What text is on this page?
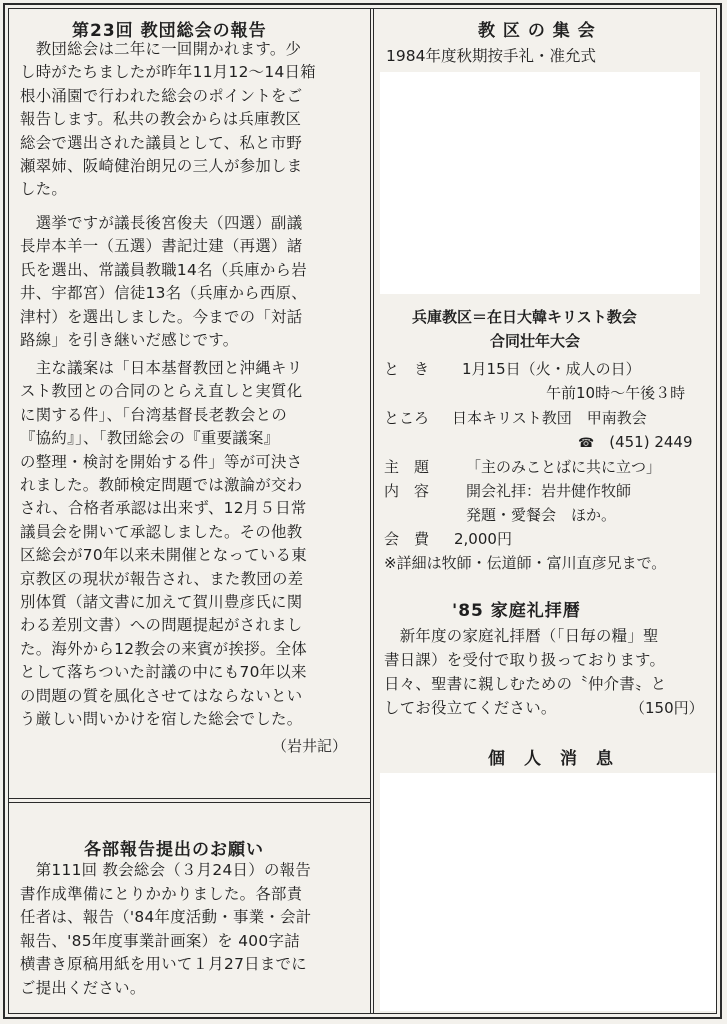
第23回 教団総会の報告
　教団総会は二年に一回開かれます。少
し時がたちましたが昨年11月12〜14日箱
根小涌園で行われた総会のポイントをご
報告します。私共の教会からは兵庫教区
総会で選出された議員として、私と市野
瀬翠姉、阪崎健治朗兄の三人が参加しま
した。
　選挙ですが議長後宮俊夫（四選）副議
長岸本羊一（五選）書記辻建（再選）諸
氏を選出、常議員教職14名（兵庫から岩
井、宇都宮）信徒13名（兵庫から西原、
津村）を選出しました。今までの「対話
路線」を引き継いだ感じです。
　主な議案は「日本基督教団と沖縄キリ
スト教団との合同のとらえ直しと実質化
に関する件」、「台湾基督長老教会との
『協約』」、「教団総会の『重要議案』
の整理・検討を開始する件」等が可決さ
れました。教師検定問題では激論が交わ
され、合格者承認は出来ず、12月５日常
議員会を開いて承認しました。その他教
区総会が70年以来未開催となっている東
京教区の現状が報告され、また教団の差
別体質（諸文書に加えて賀川豊彦氏に関
わる差別文書）への問題提起がされまし
た。海外から12教会の来賓が挨拶。全体
として落ちついた討議の中にも70年以来
の問題の質を風化させてはならないとい
う厳しい問いかけを宿した総会でした。
（岩井記）
各部報告提出のお願い
　第111回 教会総会（３月24日）の報告
書作成準備にとりかかりました。各部責
任者は、報告（'84年度活動・事業・会計
報告、'85年度事業計画案）を 400字詰
横書き原稿用紙を用いて１月27日までに
ご提出ください。
教 区 の 集 会
1984年度秋期按手礼・准允式
兵庫教区＝在日大韓キリスト教会
合同壮年大会
と　き 1月15日（火・成人の日）
午前10時〜午後３時
ところ 日本キリスト教団　甲南教会
☎　 (451) 2449
主　題 「主のみことばに共に立つ」
内　容 開会礼拝：岩井健作牧師
発題・愛餐会　ほか。
会　費 2,000円
※詳細は牧師・伝道師・富川直彦兄まで。
'85 家庭礼拝暦
　新年度の家庭礼拝暦（「日毎の糧」聖
書日課）を受付で取り扱っております。
日々、聖書に親しむための〝仲介書〟と
してお役立てください。	（150円）
個　人　消　息
